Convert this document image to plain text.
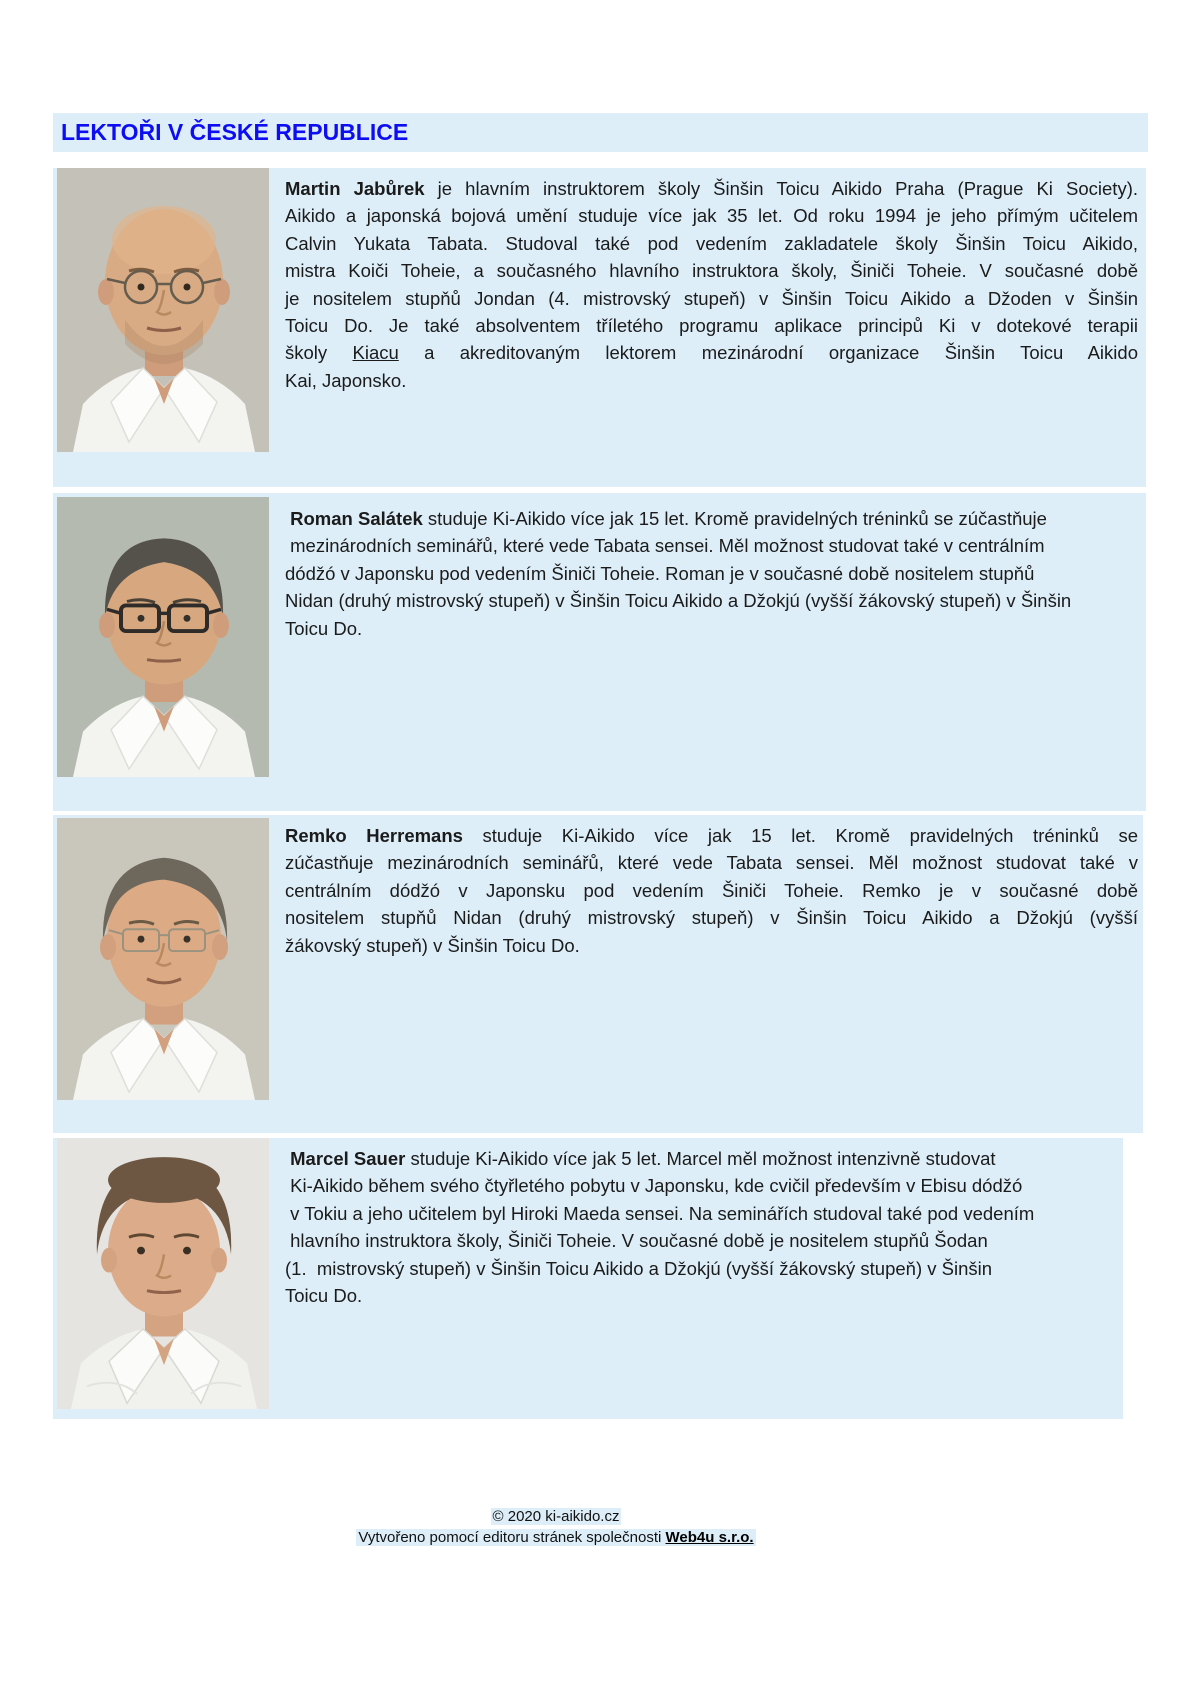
LEKTOŘI V ČESKÉ REPUBLICE
Martin Jabůrek je hlavním instruktorem školy Šinšin Toicu Aikido Praha (Prague Ki Society).
Aikido a japonská bojová umění studuje více jak 35 let. Od roku 1994 je jeho přímým učitelem
Calvin Yukata Tabata. Studoval také pod vedením zakladatele školy Šinšin Toicu Aikido,
mistra Koiči Toheie, a současného hlavního instruktora školy, Šiniči Toheie. V současné době
je nositelem stupňů Jondan (4. mistrovský stupeň) v Šinšin Toicu Aikido a Džoden v Šinšin
Toicu Do. Je také absolventem tříletého programu aplikace principů Ki v dotekové terapii
školy Kiacu a akreditovaným lektorem mezinárodní organizace Šinšin Toicu Aikido
Kai, Japonsko.
Roman Salátek studuje Ki-Aikido více jak 15 let. Kromě pravidelných tréninků se zúčastňuje
mezinárodních seminářů, které vede Tabata sensei. Měl možnost studovat také v centrálním
dódžó v Japonsku pod vedením Šiniči Toheie. Roman je v současné době nositelem stupňů
Nidan (druhý mistrovský stupeň) v Šinšin Toicu Aikido a Džokjú (vyšší žákovský stupeň) v Šinšin
Toicu Do.
Remko Herremans studuje Ki-Aikido více jak 15 let. Kromě pravidelných tréninků se
zúčastňuje mezinárodních seminářů, které vede Tabata sensei. Měl možnost studovat také v
centrálním dódžó v Japonsku pod vedením Šiniči Toheie. Remko je v současné době
nositelem stupňů Nidan (druhý mistrovský stupeň) v Šinšin Toicu Aikido a Džokjú (vyšší
žákovský stupeň) v Šinšin Toicu Do.
Marcel Sauer studuje Ki-Aikido více jak 5 let. Marcel měl možnost intenzivně studovat
Ki-Aikido během svého čtyřletého pobytu v Japonsku, kde cvičil především v Ebisu dódžó
v Tokiu a jeho učitelem byl Hiroki Maeda sensei. Na seminářích studoval také pod vedením
hlavního instruktora školy, Šiniči Toheie. V současné době je nositelem stupňů Šodan
(1.  mistrovský stupeň) v Šinšin Toicu Aikido a Džokjú (vyšší žákovský stupeň) v Šinšin
Toicu Do.
© 2020 ki-aikido.cz
Vytvořeno pomocí editoru stránek společnosti Web4u s.r.o.
